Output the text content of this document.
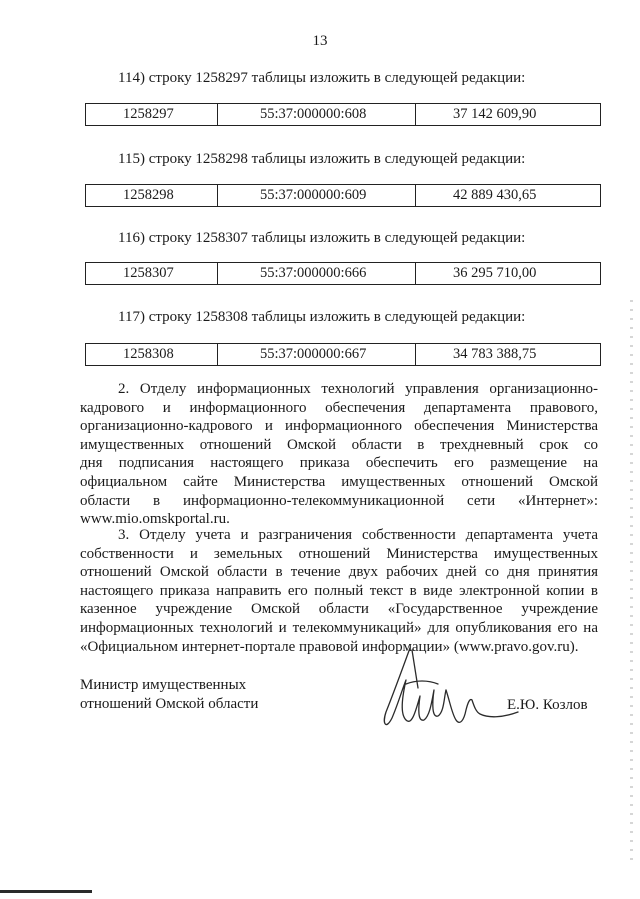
13
114) строку 1258297 таблицы изложить в следующей редакции:
1258297	55:37:000000:608	37 142 609,90
115) строку 1258298 таблицы изложить в следующей редакции:
1258298	55:37:000000:609	42 889 430,65
116) строку 1258307 таблицы изложить в следующей редакции:
1258307	55:37:000000:666	36 295 710,00
117) строку 1258308 таблицы изложить в следующей редакции:
1258308	55:37:000000:667	34 783 388,75
2. Отделу информационных технологий управления организационно-
кадрового и информационного обеспечения департамента правового,
организационно-кадрового и информационного обеспечения Министерства
имущественных отношений Омской области в трехдневный срок со
дня подписания настоящего приказа обеспечить его размещение на
официальном сайте Министерства имущественных отношений Омской
области в информационно-телекоммуникационной сети «Интернет»:
www.mio.omskportal.ru.
3. Отделу учета и разграничения собственности департамента учета
собственности и земельных отношений Министерства имущественных
отношений Омской области в течение двух рабочих дней со дня принятия
настоящего приказа направить его полный текст в виде электронной копии в
казенное учреждение Омской области «Государственное учреждение
информационных технологий и телекоммуникаций» для опубликования его на
«Официальном интернет-портале правовой информации» (www.pravo.gov.ru).
Министр имущественных
отношений Омской области	Е.Ю. Козлов
